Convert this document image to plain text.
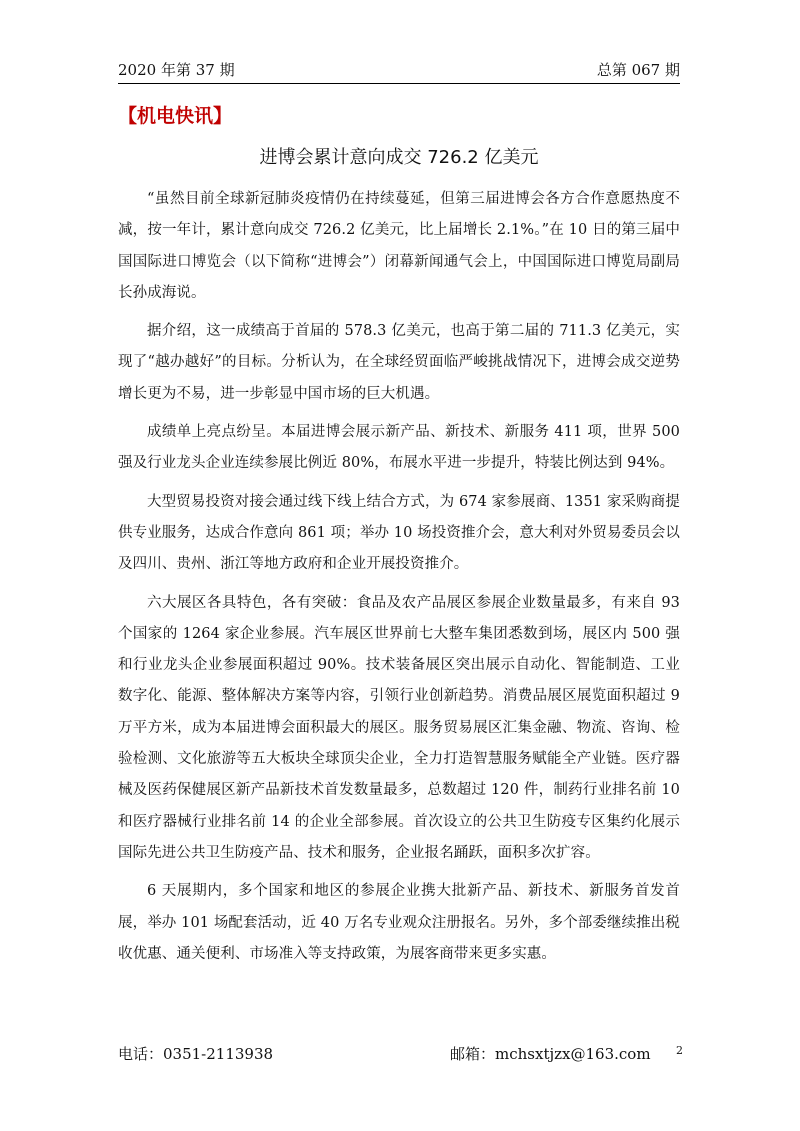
2020 年第 37 期	总第 067 期
【机电快讯】
进博会累计意向成交 726.2 亿美元

“虽然目前全球新冠肺炎疫情仍在持续蔓延，但第三届进博会各方合作意愿热度不减，按一年计，累计意向成交 726.2 亿美元，比上届增长 2.1%。”在 10 日的第三届中国国际进口博览会（以下简称“进博会”）闭幕新闻通气会上，中国国际进口博览局副局长孙成海说。

据介绍，这一成绩高于首届的 578.3 亿美元，也高于第二届的 711.3 亿美元，实现了“越办越好”的目标。分析认为，在全球经贸面临严峻挑战情况下，进博会成交逆势增长更为不易，进一步彰显中国市场的巨大机遇。

成绩单上亮点纷呈。本届进博会展示新产品、新技术、新服务 411 项，世界 500 强及行业龙头企业连续参展比例近 80%，布展水平进一步提升，特装比例达到 94%。

大型贸易投资对接会通过线下线上结合方式，为 674 家参展商、1351 家采购商提供专业服务，达成合作意向 861 项；举办 10 场投资推介会，意大利对外贸易委员会以及四川、贵州、浙江等地方政府和企业开展投资推介。

六大展区各具特色，各有突破：食品及农产品展区参展企业数量最多，有来自 93 个国家的 1264 家企业参展。汽车展区世界前七大整车集团悉数到场，展区内 500 强和行业龙头企业参展面积超过 90%。技术装备展区突出展示自动化、智能制造、工业数字化、能源、整体解决方案等内容，引领行业创新趋势。消费品展区展览面积超过 9 万平方米，成为本届进博会面积最大的展区。服务贸易展区汇集金融、物流、咨询、检验检测、文化旅游等五大板块全球顶尖企业，全力打造智慧服务赋能全产业链。医疗器械及医药保健展区新产品新技术首发数量最多，总数超过 120 件，制药行业排名前 10 和医疗器械行业排名前 14 的企业全部参展。首次设立的公共卫生防疫专区集约化展示国际先进公共卫生防疫产品、技术和服务，企业报名踊跃，面积多次扩容。

6 天展期内，多个国家和地区的参展企业携大批新产品、新技术、新服务首发首展，举办 101 场配套活动，近 40 万名专业观众注册报名。另外，多个部委继续推出税收优惠、通关便利、市场准入等支持政策，为展客商带来更多实惠。

电话：0351-2113938	邮箱：mchsxtjzx@163.com 2
